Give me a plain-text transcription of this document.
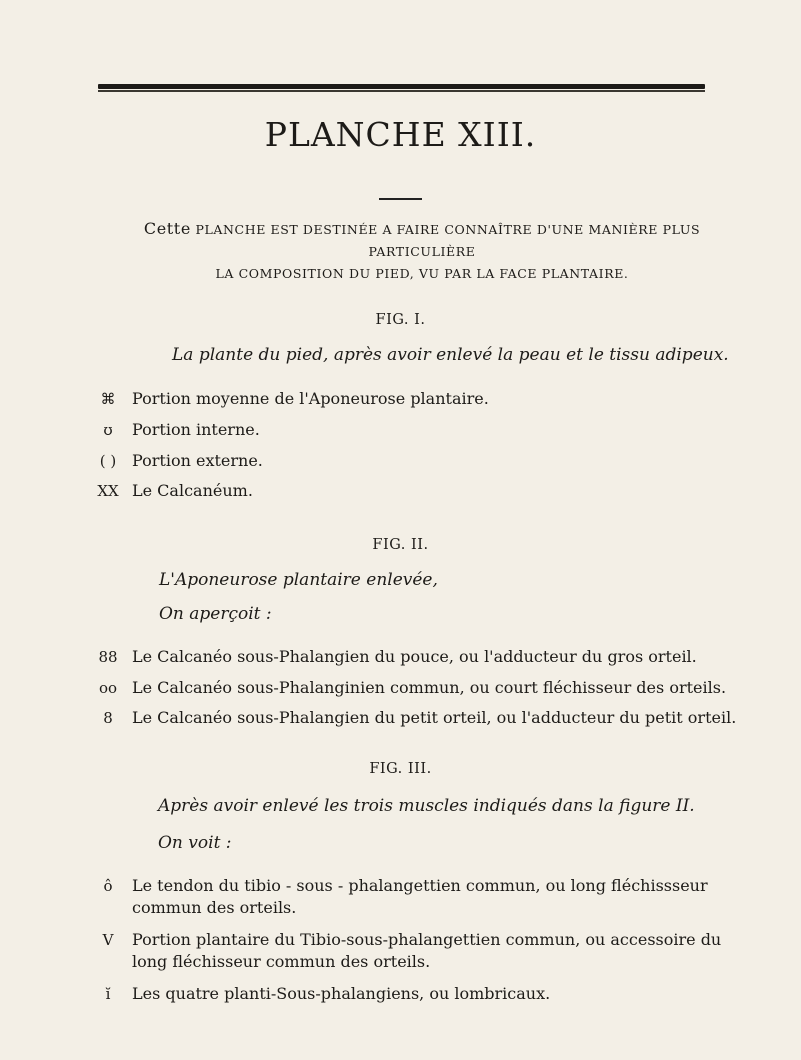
PLANCHE XIII.
Cette PLANCHE EST DESTINÉE A FAIRE CONNAÎTRE D'UNE MANIÈRE PLUS PARTICULIÈRE
LA COMPOSITION DU PIED, VU PAR LA FACE PLANTAIRE.
FIG. I.
La plante du pied, après avoir enlevé la peau et le tissu adipeux.
⌘	Portion moyenne de l'Aponeurose plantaire.
ʊ	Portion interne.
( ) Portion externe.
XX Le Calcanéum.
FIG. II.
L'Aponeurose plantaire enlevée,
On aperçoit :
88 Le Calcanéo sous-Phalangien du pouce, ou l'adducteur du gros orteil.
oo Le Calcanéo sous-Phalanginien commun, ou court fléchisseur des orteils.
8	Le Calcanéo sous-Phalangien du petit orteil, ou l'adducteur du petit orteil.
FIG. III.
Après avoir enlevé les trois muscles indiqués dans la figure II.
On voit :
ô	Le tendon du tibio - sous - phalangettien commun, ou long fléchissseur
commun des orteils.
V	Portion plantaire du Tibio-sous-phalangettien commun, ou accessoire du
long fléchisseur commun des orteils.
ĭ	Les quatre planti-Sous-phalangiens, ou lombricaux.
